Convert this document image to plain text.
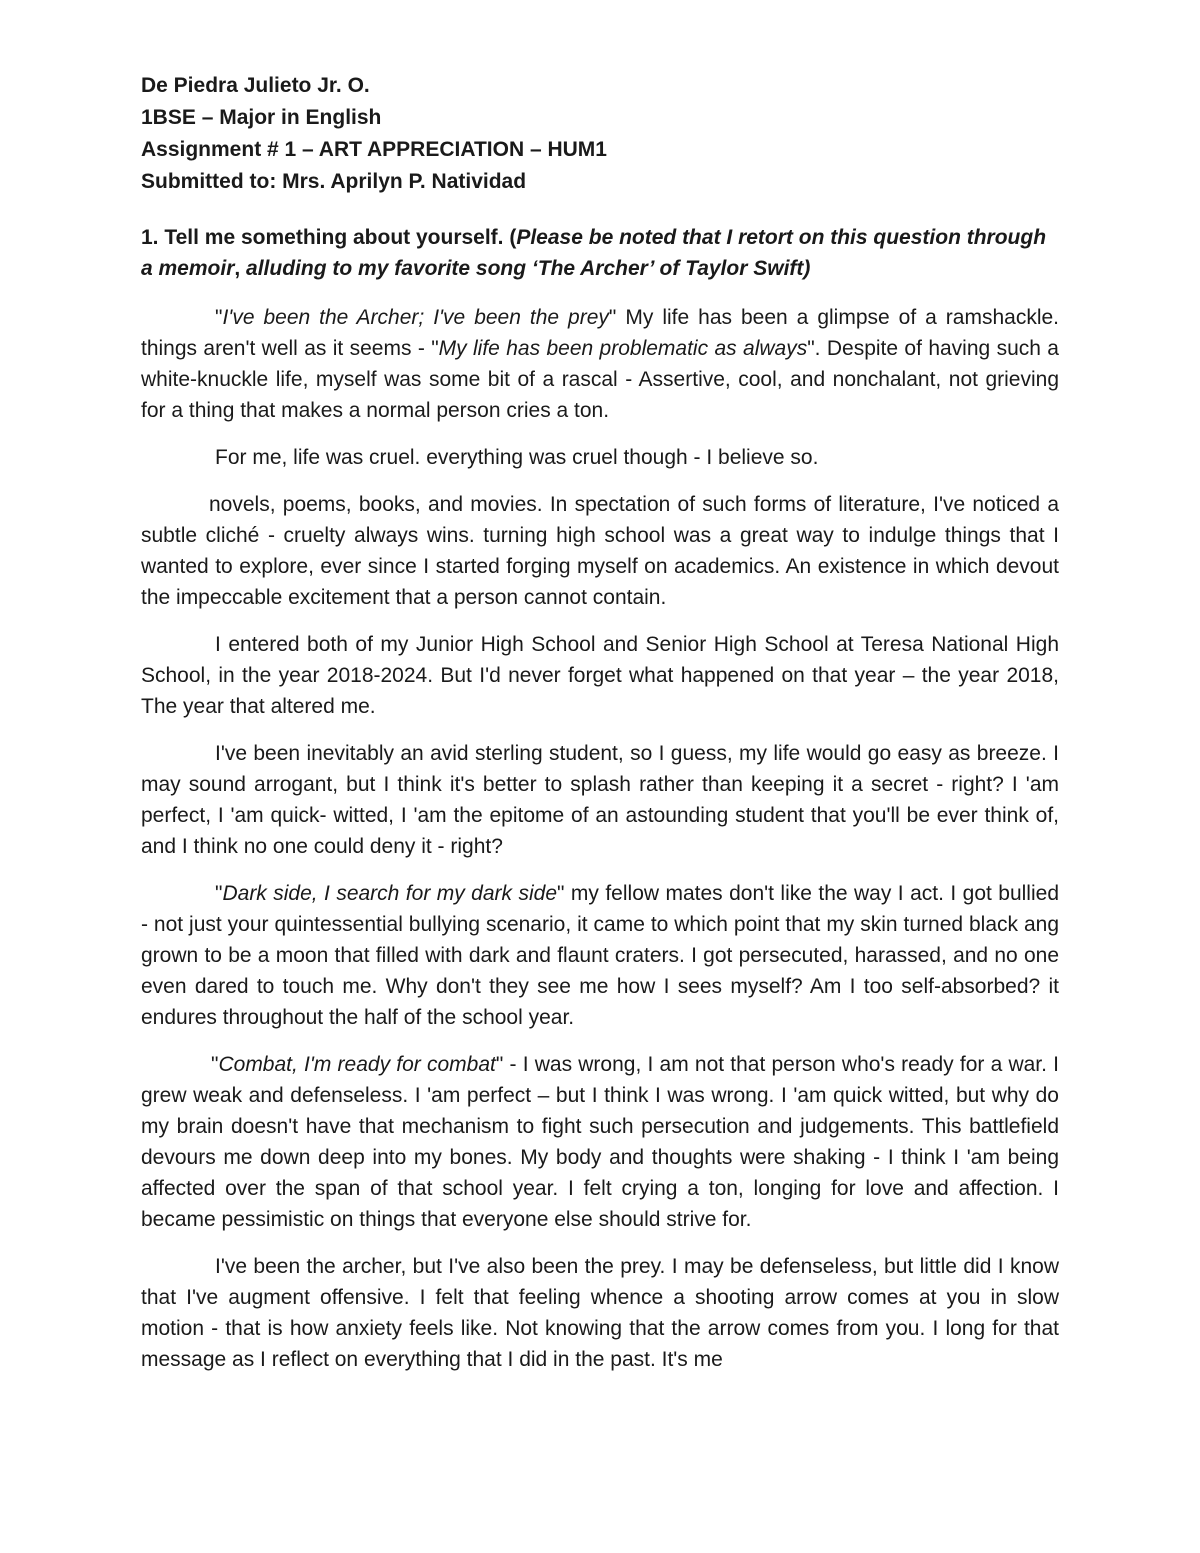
De Piedra Julieto Jr. O.

1BSE – Major in English

Assignment # 1 – ART APPRECIATION – HUM1

Submitted to: Mrs. Aprilyn P. Natividad

1. Tell me something about yourself. (Please be noted that I retort on this question through a memoir, alluding to my favorite song ‘The Archer’ of Taylor Swift)

"I've been the Archer; I've been the prey" My life has been a glimpse of a ramshackle. things aren't well as it seems - "My life has been problematic as always". Despite of having such a white-knuckle life, myself was some bit of a rascal - Assertive, cool, and nonchalant, not grieving for a thing that makes a normal person cries a ton.

For me, life was cruel. everything was cruel though - I believe so.

novels, poems, books, and movies. In spectation of such forms of literature, I've noticed a subtle cliché - cruelty always wins. turning high school was a great way to indulge things that I wanted to explore, ever since I started forging myself on academics. An existence in which devout the impeccable excitement that a person cannot contain.

I entered both of my Junior High School and Senior High School at Teresa National High School, in the year 2018-2024. But I'd never forget what happened on that year – the year 2018, The year that altered me.

I've been inevitably an avid sterling student, so I guess, my life would go easy as breeze. I may sound arrogant, but I think it's better to splash rather than keeping it a secret - right? I 'am perfect, I 'am quick- witted, I 'am the epitome of an astounding student that you'll be ever think of, and I think no one could deny it - right?

"Dark side, I search for my dark side" my fellow mates don't like the way I act. I got bullied - not just your quintessential bullying scenario, it came to which point that my skin turned black ang grown to be a moon that filled with dark and flaunt craters. I got persecuted, harassed, and no one even dared to touch me. Why don't they see me how I sees myself? Am I too self-absorbed? it endures throughout the half of the school year.

"Combat, I'm ready for combat" - I was wrong, I am not that person who's ready for a war. I grew weak and defenseless. I 'am perfect – but I think I was wrong. I 'am quick witted, but why do my brain doesn't have that mechanism to fight such persecution and judgements. This battlefield devours me down deep into my bones. My body and thoughts were shaking - I think I 'am being affected over the span of that school year. I felt crying a ton, longing for love and affection. I became pessimistic on things that everyone else should strive for.

I've been the archer, but I've also been the prey. I may be defenseless, but little did I know that I've augment offensive. I felt that feeling whence a shooting arrow comes at you in slow motion - that is how anxiety feels like. Not knowing that the arrow comes from you. I long for that message as I reflect on everything that I did in the past. It's me
